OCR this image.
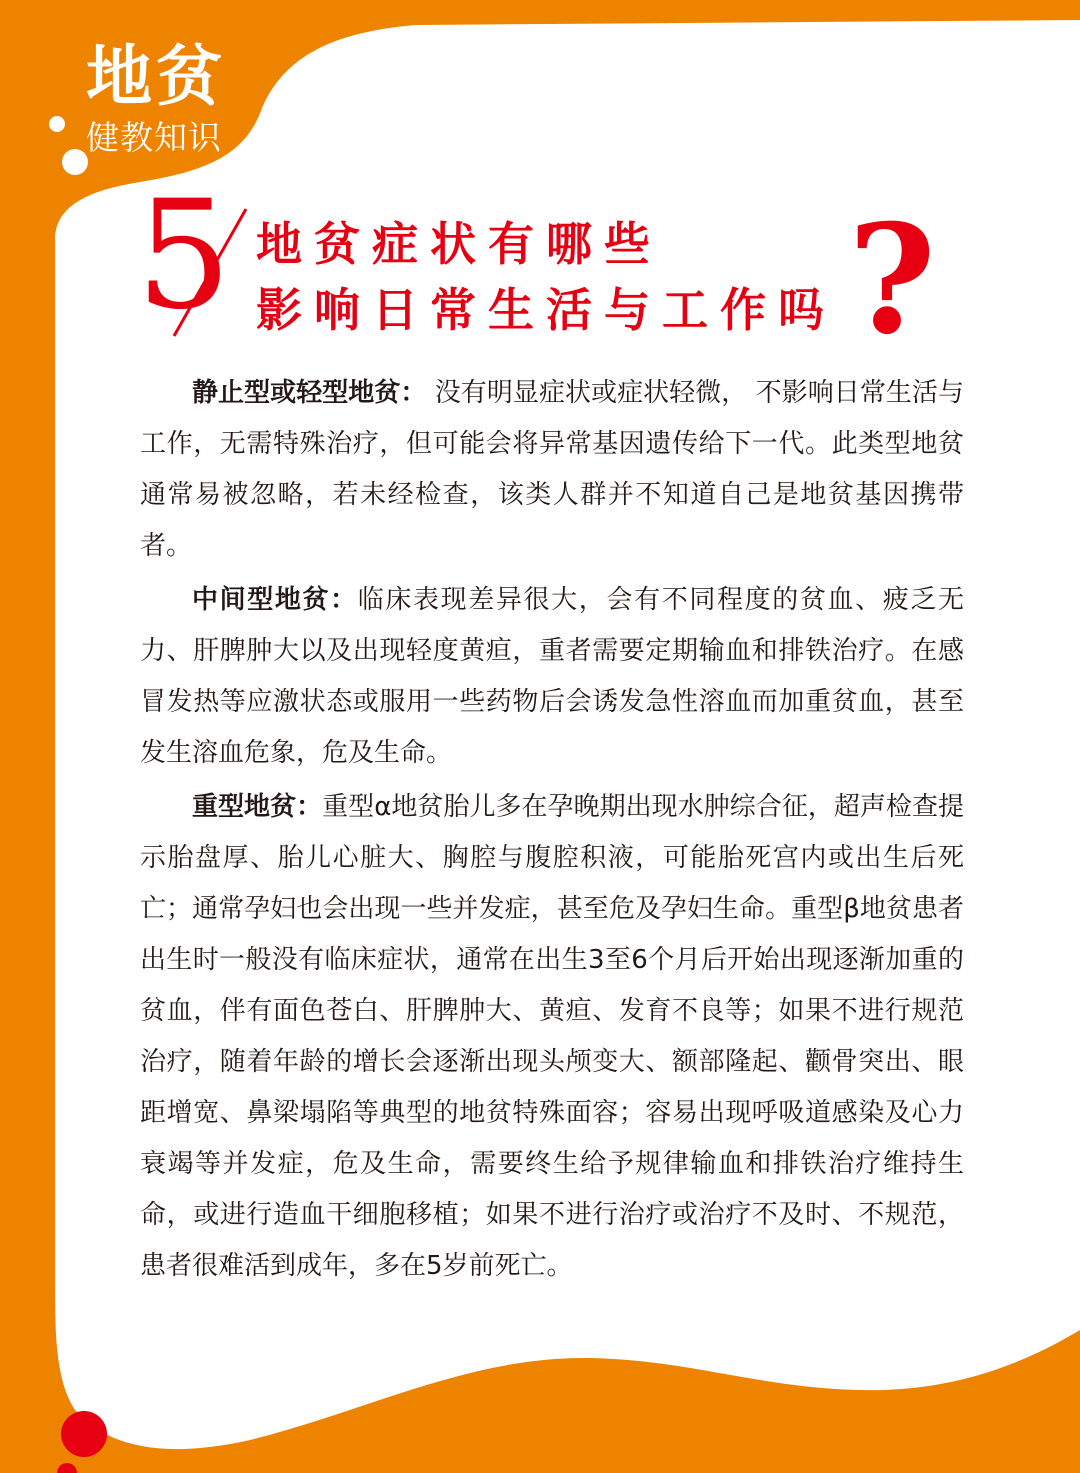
地贫
健教知识
5 地贫症状有哪些
影响日常生活与工作吗 ?

静止型或轻型地贫： 没有明显症状或症状轻微， 不影响日常生活与工作，无需特殊治疗，但可能会将异常基因遗传给下一代。此类型地贫通常易被忽略，若未经检查，该类人群并不知道自己是地贫基因携带者。

中间型地贫：临床表现差异很大，会有不同程度的贫血、疲乏无力、肝脾肿大以及出现轻度黄疸，重者需要定期输血和排铁治疗。在感冒发热等应激状态或服用一些药物后会诱发急性溶血而加重贫血，甚至发生溶血危象，危及生命。

重型地贫：重型α地贫胎儿多在孕晚期出现水肿综合征，超声检查提示胎盘厚、胎儿心脏大、胸腔与腹腔积液，可能胎死宫内或出生后死亡；通常孕妇也会出现一些并发症，甚至危及孕妇生命。重型β地贫患者出生时一般没有临床症状，通常在出生3至6个月后开始出现逐渐加重的贫血，伴有面色苍白、肝脾肿大、黄疸、发育不良等；如果不进行规范治疗，随着年龄的增长会逐渐出现头颅变大、额部隆起、颧骨突出、眼距增宽、鼻梁塌陷等典型的地贫特殊面容；容易出现呼吸道感染及心力衰竭等并发症，危及生命，需要终生给予规律输血和排铁治疗维持生命，或进行造血干细胞移植；如果不进行治疗或治疗不及时、不规范，患者很难活到成年，多在5岁前死亡。
